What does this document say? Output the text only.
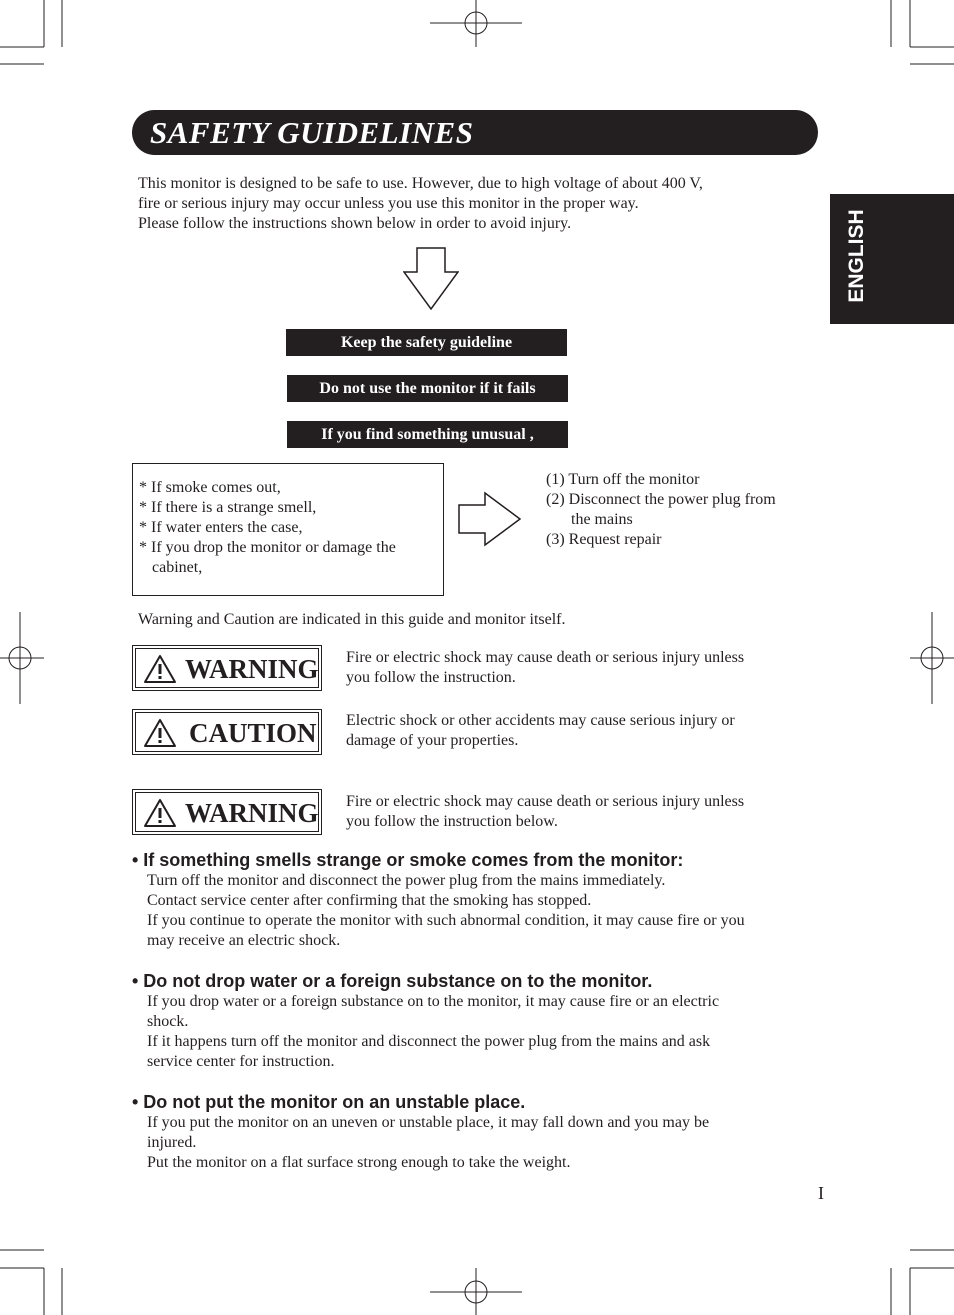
SAFETY GUIDELINES
ENGLISH
This monitor is designed to be safe to use. However, due to high voltage of about 400 V,
fire or serious injury may occur unless you use this monitor in the proper way.
Please follow the instructions shown below in order to avoid injury.
Keep the safety guideline
Do not use the monitor if it fails
If you find something unusual ,
* If smoke comes out,
* If there is a strange smell,
* If water enters the case,
* If you drop the monitor or damage the
cabinet,
(1) Turn off the monitor
(2) Disconnect the power plug from
the mains
(3) Request repair
Warning and Caution are indicated in this guide and monitor itself.
WARNING Fire or electric shock may cause death or serious injury unless
you follow the instruction.
CAUTION Electric shock or other accidents may cause serious injury or
damage of your properties.
WARNING Fire or electric shock may cause death or serious injury unless
you follow the instruction below.
• If something smells strange or smoke comes from the monitor:
Turn off the monitor and disconnect the power plug from the mains immediately.
Contact service center after confirming that the smoking has stopped.
If you continue to operate the monitor with such abnormal condition, it may cause fire or you
may receive an electric shock.
• Do not drop water or a foreign substance on to the monitor.
If you drop water or a foreign substance on to the monitor, it may cause fire or an electric
shock.
If it happens turn off the monitor and disconnect the power plug from the mains and ask
service center for instruction.
• Do not put the monitor on an unstable place.
If you put the monitor on an uneven or unstable place, it may fall down and you may be
injured.
Put the monitor on a flat surface strong enough to take the weight.
I
